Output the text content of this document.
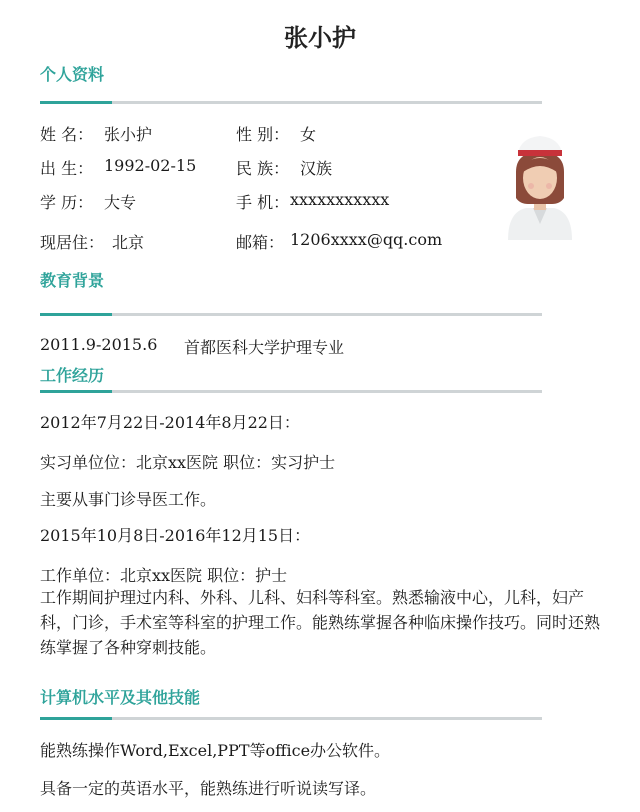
张小护
个人资料
姓 名： 张小护	性 别： 女
出 生： 1992-02-15 民 族： 汉族
学 历： 大专	手 机： xxxxxxxxxxx
现居住： 北京	邮箱： 1206xxxx@qq.com
教育背景
2011.9-2015.6 首都医科大学护理专业
工作经历
2012年7月22日-2014年8月22日：
实习单位位：北京xx医院 职位：实习护士
主要从事门诊导医工作。
2015年10月8日-2016年12月15日：
工作单位：北京xx医院 职位：护士
工作期间护理过内科、外科、儿科、妇科等科室。熟悉输液中心，儿科，妇产科，门诊，手术室等科室的护理工作。能熟练掌握各种临床操作技巧。同时还熟练掌握了各种穿刺技能。
计算机水平及其他技能
能熟练操作Word,Excel,PPT等office办公软件。
具备一定的英语水平，能熟练进行听说读写译。
